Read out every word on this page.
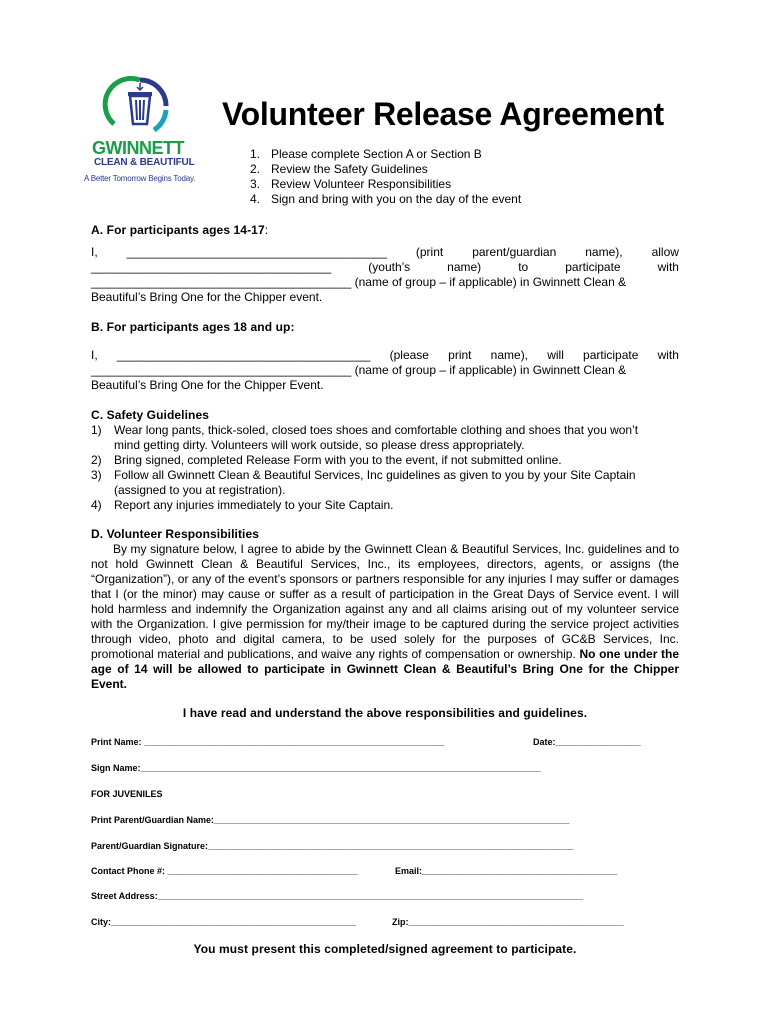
GWINNETT
CLEAN & BEAUTIFUL
A Better Tomorrow Begins Today.
Volunteer Release Agreement
1. Please complete Section A or Section B
2. Review the Safety Guidelines
3. Review Volunteer Responsibilities
4. Sign and bring with you on the day of the event
A. For participants ages 14-17:
I, _______________________________________ (print parent/guardian name), allow
____________________________________	(youth’s	name)	to	participate	with
_______________________________________ (name of group – if applicable) in Gwinnett Clean &
Beautiful’s Bring One for the Chipper event.
B. For participants ages 18 and up:
I, ______________________________________ (please print name), will participate with
_______________________________________ (name of group – if applicable) in Gwinnett Clean &
Beautiful’s Bring One for the Chipper Event.
C. Safety Guidelines
1) Wear long pants, thick-soled, closed toes shoes and comfortable clothing and shoes that you won’t
mind getting dirty. Volunteers will work outside, so please dress appropriately.
2) Bring signed, completed Release Form with you to the event, if not submitted online.
3) Follow all Gwinnett Clean & Beautiful Services, Inc guidelines as given to you by your Site Captain
(assigned to you at registration).
4) Report any injuries immediately to your Site Captain.
D. Volunteer Responsibilities
By my signature below, I agree to abide by the Gwinnett Clean & Beautiful Services, Inc. guidelines and to not hold Gwinnett Clean & Beautiful Services, Inc., its employees, directors, agents, or assigns (the “Organization”), or any of the event’s sponsors or partners responsible for any injuries I may suffer or damages that I (or the minor) may cause or suffer as a result of participation in the Great Days of Service event. I will hold harmless and indemnify the Organization against any and all claims arising out of my volunteer service with the Organization. I give permission for my/their image to be captured during the service project activities through video, photo and digital camera, to be used solely for the purposes of GC&B Services, Inc. promotional material and publications, and waive any rights of compensation or ownership. No one under the age of 14 will be allowed to participate in Gwinnett Clean & Beautiful’s Bring One for the Chipper Event.
I have read and understand the above responsibilities and guidelines.
Print Name: ____________________________________________________________	Date:_________________
Sign Name:________________________________________________________________________________
FOR JUVENILES
Print Parent/Guardian Name:_______________________________________________________________________
Parent/Guardian Signature:_________________________________________________________________________
Contact Phone #: ______________________________________	Email:_______________________________________
Street Address:_____________________________________________________________________________________
City:_________________________________________________	Zip:___________________________________________
You must present this completed/signed agreement to participate.
